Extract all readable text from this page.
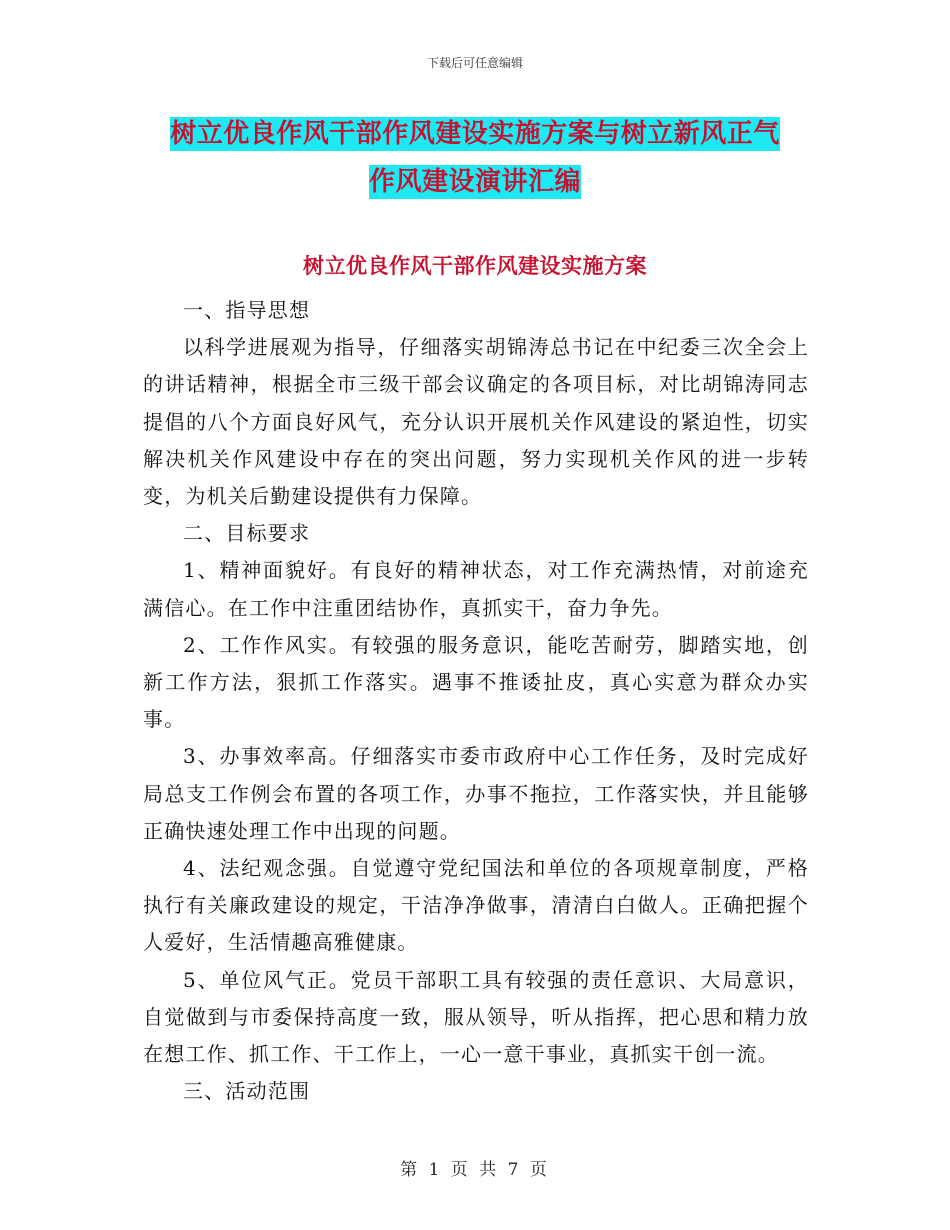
下载后可任意编辑
树立优良作风干部作风建设实施方案与树立新风正气
作风建设演讲汇编
树立优良作风干部作风建设实施方案

一、指导思想

以科学进展观为指导，仔细落实胡锦涛总书记在中纪委三次全会上的讲话精神，根据全市三级干部会议确定的各项目标，对比胡锦涛同志提倡的八个方面良好风气，充分认识开展机关作风建设的紧迫性，切实解决机关作风建设中存在的突出问题，努力实现机关作风的进一步转变，为机关后勤建设提供有力保障。

二、目标要求

1、精神面貌好。有良好的精神状态，对工作充满热情，对前途充满信心。在工作中注重团结协作，真抓实干，奋力争先。

2、工作作风实。有较强的服务意识，能吃苦耐劳，脚踏实地，创新工作方法，狠抓工作落实。遇事不推诿扯皮，真心实意为群众办实事。

3、办事效率高。仔细落实市委市政府中心工作任务，及时完成好局总支工作例会布置的各项工作，办事不拖拉，工作落实快，并且能够正确快速处理工作中出现的问题。

4、法纪观念强。自觉遵守党纪国法和单位的各项规章制度，严格执行有关廉政建设的规定，干洁净净做事，清清白白做人。正确把握个人爱好，生活情趣高雅健康。

5、单位风气正。党员干部职工具有较强的责任意识、大局意识，自觉做到与市委保持高度一致，服从领导，听从指挥，把心思和精力放在想工作、抓工作、干工作上，一心一意干事业，真抓实干创一流。

三、活动范围

第 1 页 共 7 页
